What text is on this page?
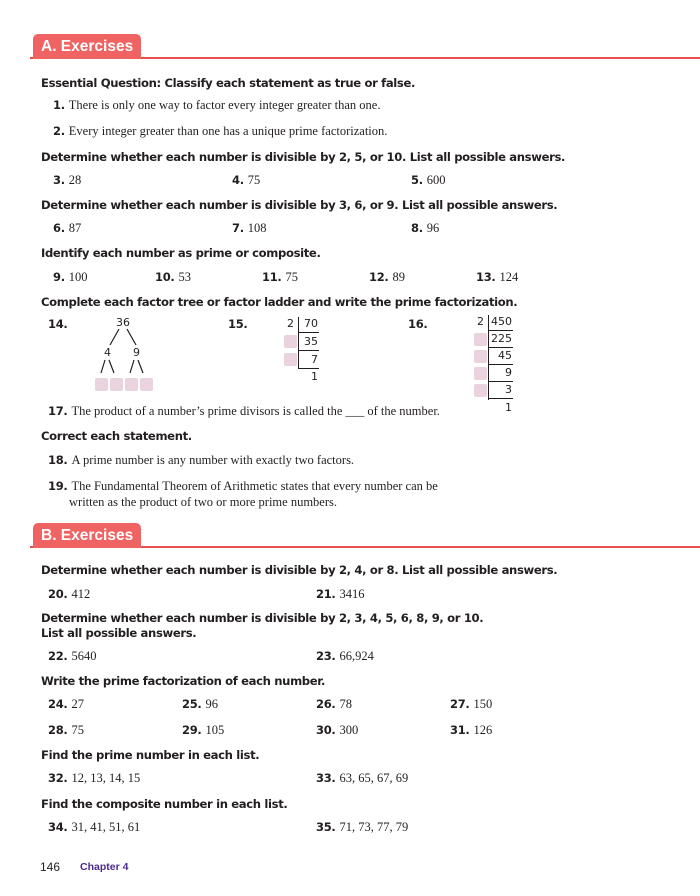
A. Exercises
Essential Question: Classify each statement as true or false.
1. There is only one way to factor every integer greater than one.
2. Every integer greater than one has a unique prime factorization.
Determine whether each number is divisible by 2, 5, or 10. List all possible answers.
3. 28	4. 75	5. 600
Determine whether each number is divisible by 3, 6, or 9. List all possible answers.
6. 87	7. 108	8. 96
Identify each number as prime or composite.
9. 100	10. 53	11. 75	12. 89	13. 124
Complete each factor tree or factor ladder and write the prime factorization.
14.	36
4 9
15.	2 70
35
7
1
16.	2 450
225
45
9
3
1
17. The product of a number’s prime divisors is called the ___ of the number.
Correct each statement.
18. A prime number is any number with exactly two factors.
19. The Fundamental Theorem of Arithmetic states that every number can be
written as the product of two or more prime numbers.
B. Exercises
Determine whether each number is divisible by 2, 4, or 8. List all possible answers.
20. 412	21. 3416
Determine whether each number is divisible by 2, 3, 4, 5, 6, 8, 9, or 10.
List all possible answers.
22. 5640	23. 66,924
Write the prime factorization of each number.
24. 27	25. 96	26. 78	27. 150
28. 75	29. 105	30. 300	31. 126
Find the prime number in each list.
32. 12, 13, 14, 15	33. 63, 65, 67, 69
Find the composite number in each list.
34. 31, 41, 51, 61	35. 71, 73, 77, 79
146 Chapter 4
